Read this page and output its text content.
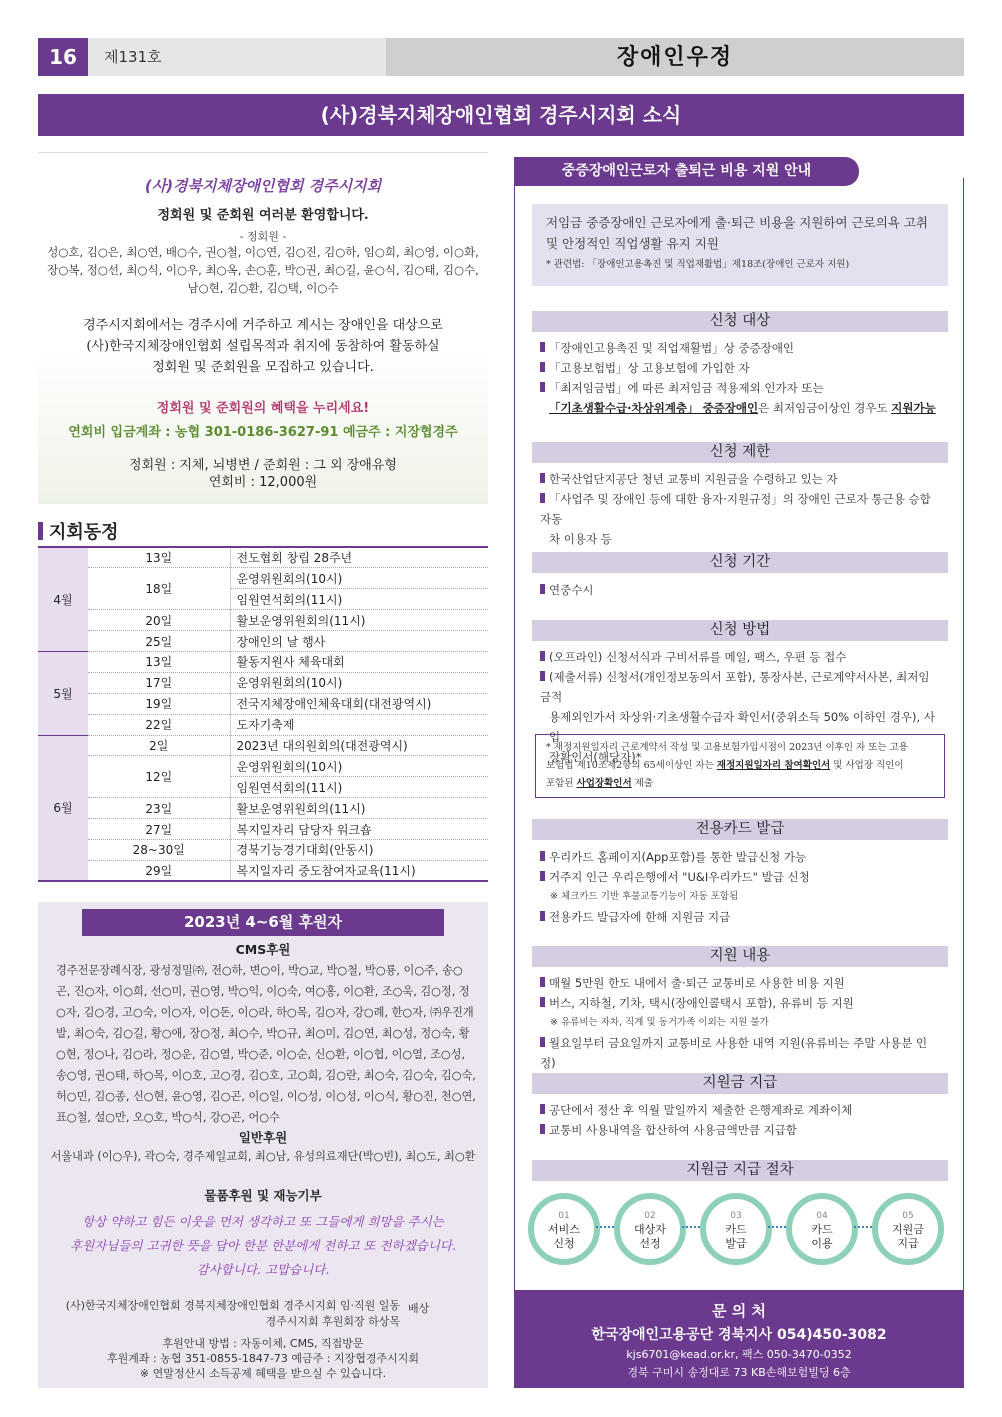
16	제131호	장애인우정
(사)경북지체장애인협회 경주시지회 소식
(사)경북지체장애인협회 경주시지회
정회원 및 준회원 여러분 환영합니다.
- 정회원 -
성○호, 김○은, 최○연, 배○수, 권○철, 이○연, 김○진, 김○하, 임○희, 최○영, 이○화,
장○복, 정○선, 최○식, 이○우, 최○옥, 손○훈, 박○권, 최○길, 윤○식, 김○태, 김○수,
남○현, 김○환, 김○택, 이○수
경주시지회에서는 경주시에 거주하고 계시는 장애인을 대상으로
(사)한국지체장애인협회 설립목적과 취지에 동참하여 활동하실
정회원 및 준회원을 모집하고 있습니다.
정회원 및 준회원의 혜택을 누리세요!
연회비 입금계좌 : 농협 301-0186-3627-91 예금주 : 지장협경주
정회원 : 지체, 뇌병변 / 준회원 : 그 외 장애유형
연회비 : 12,000원
지회동정
4월	13일	전도협회 창립 28주년
	18일	운영위원회의(10시)
		임원연석회의(11시)
	20일	활보운영위원회의(11시)
	25일	장애인의 날 행사
5월	13일	활동지원사 체육대회
	17일	운영위원회의(10시)
	19일	전국지체장애인체육대회(대전광역시)
	22일	도자기축제
6월	2일	2023년 대의원회의(대전광역시)
	12일	운영위원회의(10시)
		임원연석회의(11시)
	23일	활보운영위원회의(11시)
	27일	복지일자리 담당자 워크숍
	28~30일	경북기능경기대회(안동시)
	29일	복지일자리 중도참여자교육(11시)
2023년 4~6월 후원자
CMS후원
경주전문장례식장, 광성정밀㈜, 전○하, 변○이, 박○교, 박○철, 박○룡, 이○주, 송○곤, 진○자, 이○희, 선○미, 권○영, 박○익, 이○숙, 여○홍, 이○환, 조○욱, 김○정, 정○자, 김○경, 고○숙, 이○자, 이○돈, 이○라, 하○목, 김○자, 강○례, 한○자, ㈜우진개발, 최○숙, 김○길, 황○애, 장○정, 최○수, 박○규, 최○미, 김○연, 최○성, 정○숙, 황○현, 정○나, 김○라, 정○운, 김○열, 박○준, 이○순, 신○환, 이○협, 이○열, 조○성, 송○영, 권○태, 하○목, 이○호, 고○경, 김○호, 고○희, 김○란, 최○숙, 김○숙, 김○숙, 허○민, 김○종, 신○현, 윤○영, 김○곤, 이○일, 이○성, 이○성, 이○식, 황○진, 천○연, 표○철, 설○만, 오○호, 박○식, 강○곤, 어○수
일반후원
서울내과 (이○우), 곽○숙, 경주제일교회, 최○남, 유성의료재단(박○빈), 최○도, 최○환
물품후원 및 재능기부
항상 약하고 힘든 이웃을 먼저 생각하고 또 그들에게 희망을 주시는
후원자님들의 고귀한 뜻을 담아 한분 한분에게 전하고 또 전하겠습니다.
감사합니다. 고맙습니다.
(사)한국지체장애인협회 경북지체장애인협회 경주시지회 임·직원 일동
경주시지회 후원회장 하상목
배상
후원안내 방법 : 자동이체, CMS, 직접방문
후원계좌 : 농협 351-0855-1847-73 예금주 : 지장협경주시지회
※ 연말정산시 소득공제 혜택을 받으실 수 있습니다.
중증장애인근로자 출퇴근 비용 지원 안내
저임금 중증장애인 근로자에게 출·퇴근 비용을 지원하여 근로의욕 고취
및 안정적인 직업생활 유지 지원
* 관련법: 「장애인고용촉진 및 직업재활법」제18조(장애인 근로자 지원)
신청 대상
「장애인고용촉진 및 직업재활법」상 중증장애인
「고용보험법」상 고용보험에 가입한 자
「최저임금법」에 따른 최저임금 적용제외 인가자 또는
「기초생활수급·차상위계층」 중증장애인은 최저임금이상인 경우도 지원가능
신청 제한
한국산업단지공단 청년 교통비 지원금을 수령하고 있는 자
「사업주 및 장애인 등에 대한 융자·지원규정」의 장애인 근로자 통근용 승합 자동
차 이용자 등
신청 기간
연중수시
신청 방법
(오프라인) 신청서식과 구비서류를 메일, 팩스, 우편 등 접수
(제출서류) 신청서(개인정보동의서 포함), 통장사본, 근로계약서사본, 최저임금적
용제외인가서 차상위·기초생활수급자 확인서(중위소득 50% 이하인 경우), 사업
장확인서(해당자)*
* 재정지원일자리 근로계약서 작성 및 고용보험가입시점이 2023년 이후인 자 또는 고용
보험법 제10조제2항의 65세이상인 자는 재정지원일자리 참여확인서 및 사업장 직인이
포함된 사업장확인서 제출
전용카드 발급
우리카드 홈페이지(App포함)를 통한 발급신청 가능
거주지 인근 우리은행에서 "U&I우리카드" 발급 신청
※ 체크카드 기반 후불교통기능이 자동 포함됨
전용카드 발급자에 한해 지원금 지급
지원 내용
매월 5만원 한도 내에서 출·퇴근 교통비로 사용한 비용 지원
버스, 지하철, 기차, 택시(장애인콜택시 포함), 유류비 등 지원
※ 유류비는 자차, 직계 및 동거가족 이외는 지원 불가
월요일부터 금요일까지 교통비로 사용한 내역 지원(유류비는 주말 사용분 인정)
지원금 지급
공단에서 정산 후 익월 말일까지 제출한 은행계좌로 계좌이체
교통비 사용내역을 합산하여 사용금액만큼 지급함
지원금 지급 절차
01
서비스
신청
02
대상자
선정
03
카드
발급
04
카드
이용
05
지원금
지급
문 의 처
한국장애인고용공단 경북지사 054)450-3082
kjs6701@kead.or.kr, 팩스 050-3470-0352
경북 구미시 송정대로 73 KB손해보험빌딩 6층
